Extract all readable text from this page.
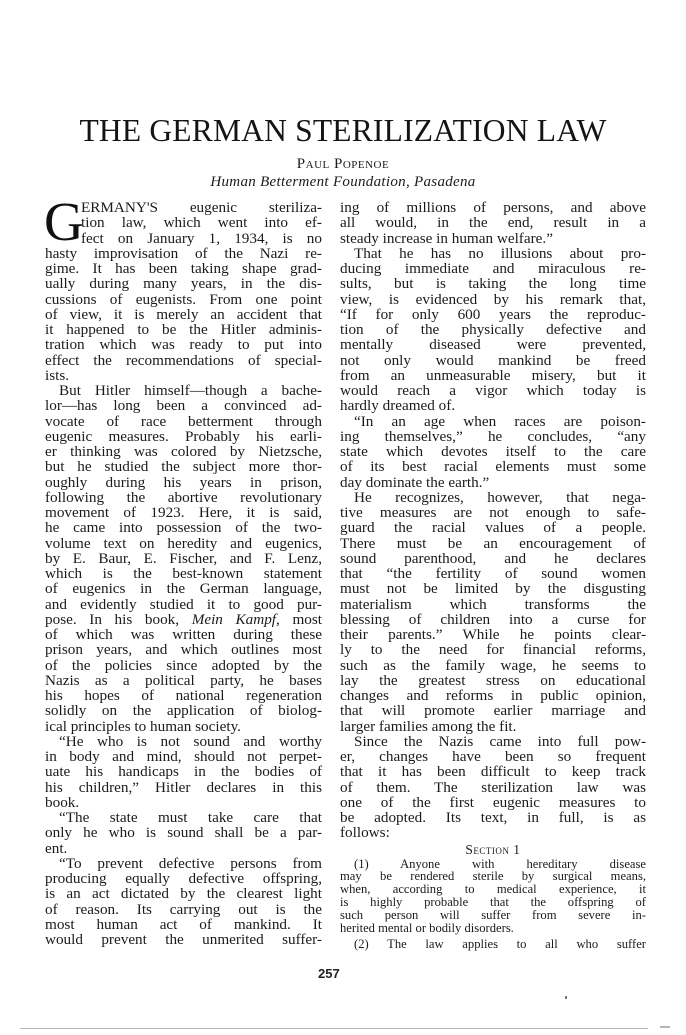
THE GERMAN STERILIZATION LAW
Paul Popenoe
Human Betterment Foundation, Pasadena
G
ERMANY'S eugenic steriliza-
tion law, which went into ef-
fect on January 1, 1934, is no
hasty improvisation of the Nazi re-
gime. It has been taking shape grad-
ually during many years, in the dis-
cussions of eugenists. From one point
of view, it is merely an accident that
it happened to be the Hitler adminis-
tration which was ready to put into
effect the recommendations of special-
ists.
But Hitler himself—though a bache-
lor—has long been a convinced ad-
vocate of race betterment through
eugenic measures. Probably his earli-
er thinking was colored by Nietzsche,
but he studied the subject more thor-
oughly during his years in prison,
following the abortive revolutionary
movement of 1923. Here, it is said,
he came into possession of the two-
volume text on heredity and eugenics,
by E. Baur, E. Fischer, and F. Lenz,
which is the best-known statement
of eugenics in the German language,
and evidently studied it to good pur-
pose. In his book, Mein Kampf, most
of which was written during these
prison years, and which outlines most
of the policies since adopted by the
Nazis as a political party, he bases
his hopes of national regeneration
solidly on the application of biolog-
ical principles to human society.
“He who is not sound and worthy
in body and mind, should not perpet-
uate his handicaps in the bodies of
his children,” Hitler declares in this
book.
“The state must take care that
only he who is sound shall be a par-
ent.
“To prevent defective persons from
producing equally defective offspring,
is an act dictated by the clearest light
of reason. Its carrying out is the
most human act of mankind. It
would prevent the unmerited suffer-
ing of millions of persons, and above
all would, in the end, result in a
steady increase in human welfare.”
That he has no illusions about pro-
ducing immediate and miraculous re-
sults, but is taking the long time
view, is evidenced by his remark that,
“If for only 600 years the reproduc-
tion of the physically defective and
mentally diseased were prevented,
not only would mankind be freed
from an unmeasurable misery, but it
would reach a vigor which today is
hardly dreamed of.
“In an age when races are poison-
ing themselves,” he concludes, “any
state which devotes itself to the care
of its best racial elements must some
day dominate the earth.”
He recognizes, however, that nega-
tive measures are not enough to safe-
guard the racial values of a people.
There must be an encouragement of
sound parenthood, and he declares
that “the fertility of sound women
must not be limited by the disgusting
materialism which transforms the
blessing of children into a curse for
their parents.” While he points clear-
ly to the need for financial reforms,
such as the family wage, he seems to
lay the greatest stress on educational
changes and reforms in public opinion,
that will promote earlier marriage and
larger families among the fit.
Since the Nazis came into full pow-
er, changes have been so frequent
that it has been difficult to keep track
of them. The sterilization law was
one of the first eugenic measures to
be adopted. Its text, in full, is as
follows:
Section 1
(1) Anyone with hereditary disease
may be rendered sterile by surgical means,
when, according to medical experience, it
is highly probable that the offspring of
such person will suffer from severe in-
herited mental or bodily disorders.
(2) The law applies to all who suffer
257
